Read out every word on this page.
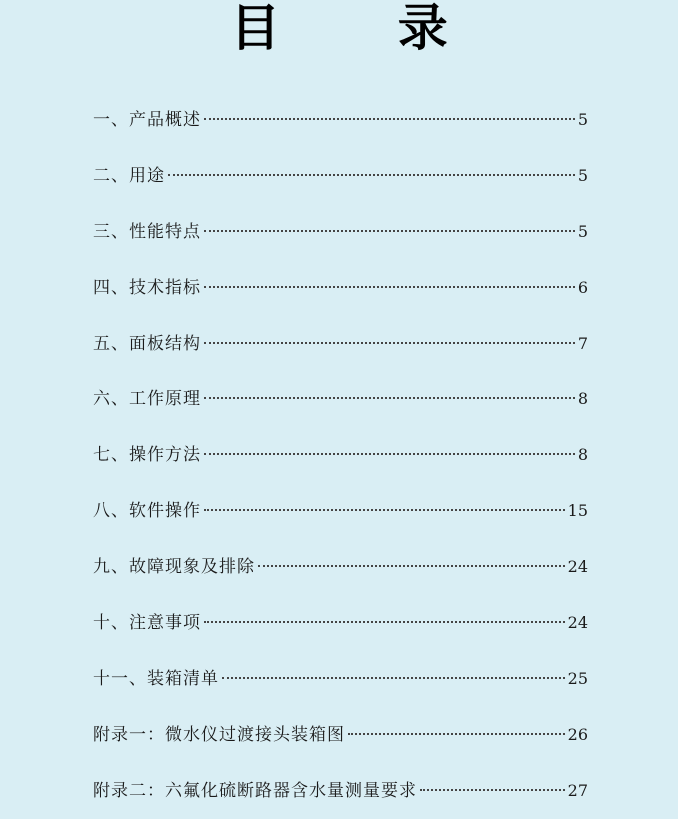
目 录
一、产品概述	5
二、用途	5
三、性能特点	5
四、技术指标	6
五、面板结构	7
六、工作原理	8
七、操作方法	8
八、软件操作	15
九、故障现象及排除	24
十、注意事项	24
十一、装箱清单	25
附录一：微水仪过渡接头装箱图	26
附录二：六氟化硫断路器含水量测量要求	27
